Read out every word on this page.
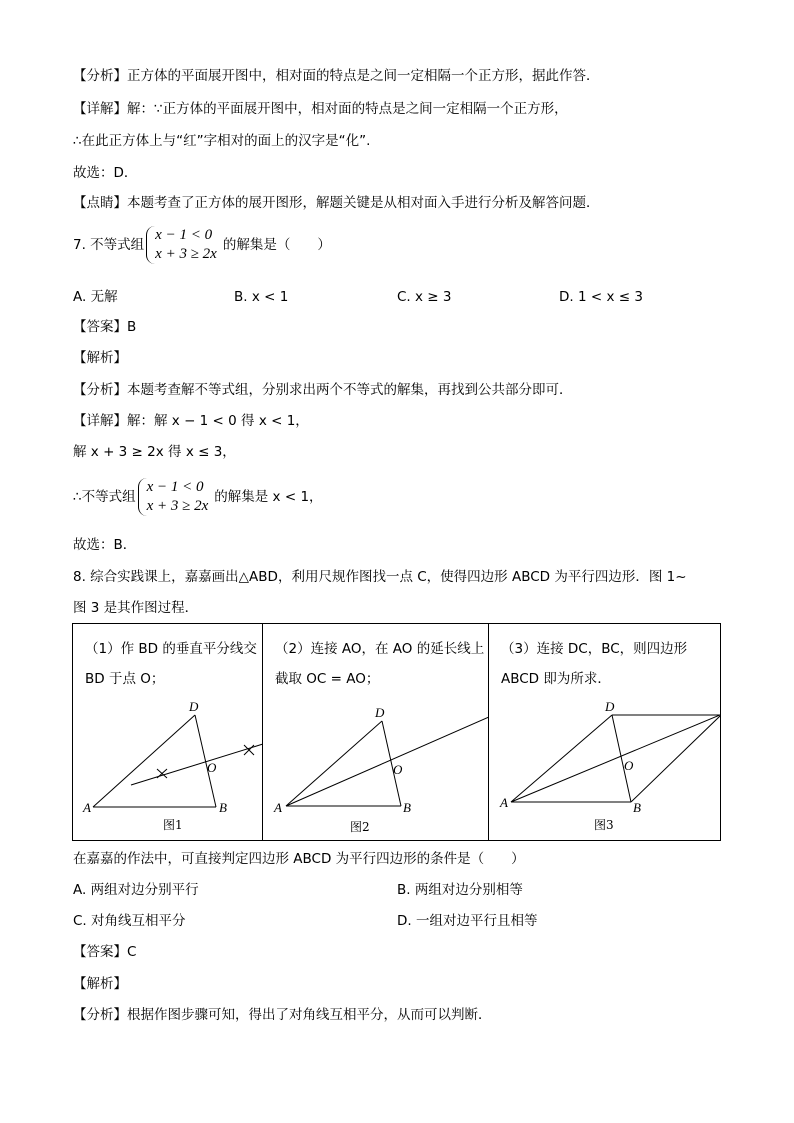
【分析】正方体的平面展开图中，相对面的特点是之间一定相隔一个正方形，据此作答．
【详解】解：∵正方体的平面展开图中，相对面的特点是之间一定相隔一个正方形，
∴在此正方体上与“红”字相对的面上的汉字是“化”.
故选：D．
【点睛】本题考查了正方体的展开图形，解题关键是从相对面入手进行分析及解答问题．
7. 不等式组
x − 1 < 0
x + 3 ≥ 2x
的解集是（　　）
A. 无解	B. x < 1	C. x ≥ 3	D. 1 < x ≤ 3
【答案】B
【解析】
【分析】本题考查解不等式组，分别求出两个不等式的解集，再找到公共部分即可．
【详解】解：解 x − 1 < 0 得 x < 1，
解 x + 3 ≥ 2x 得 x ≤ 3，
∴不等式组
x − 1 < 0
x + 3 ≥ 2x
的解集是 x < 1，
故选：B．
8. 综合实践课上，嘉嘉画出△ABD，利用尺规作图找一点 C，使得四边形 ABCD 为平行四边形．图 1~
图 3 是其作图过程．
（1）作 BD 的垂直平分线交 BD 于点 O；
A	B
D
O
图1
（2）连接 AO，在 AO 的延长线上截取 OC = AO；
A	B
D
O
图2
（3）连接 DC，BC，则四边形 ABCD 即为所求．
A	B
D
O
图3
在嘉嘉的作法中，可直接判定四边形 ABCD 为平行四边形的条件是（　　）
A. 两组对边分别平行	B. 两组对边分别相等
C. 对角线互相平分	D. 一组对边平行且相等
【答案】C
【解析】
【分析】根据作图步骤可知，得出了对角线互相平分，从而可以判断．
